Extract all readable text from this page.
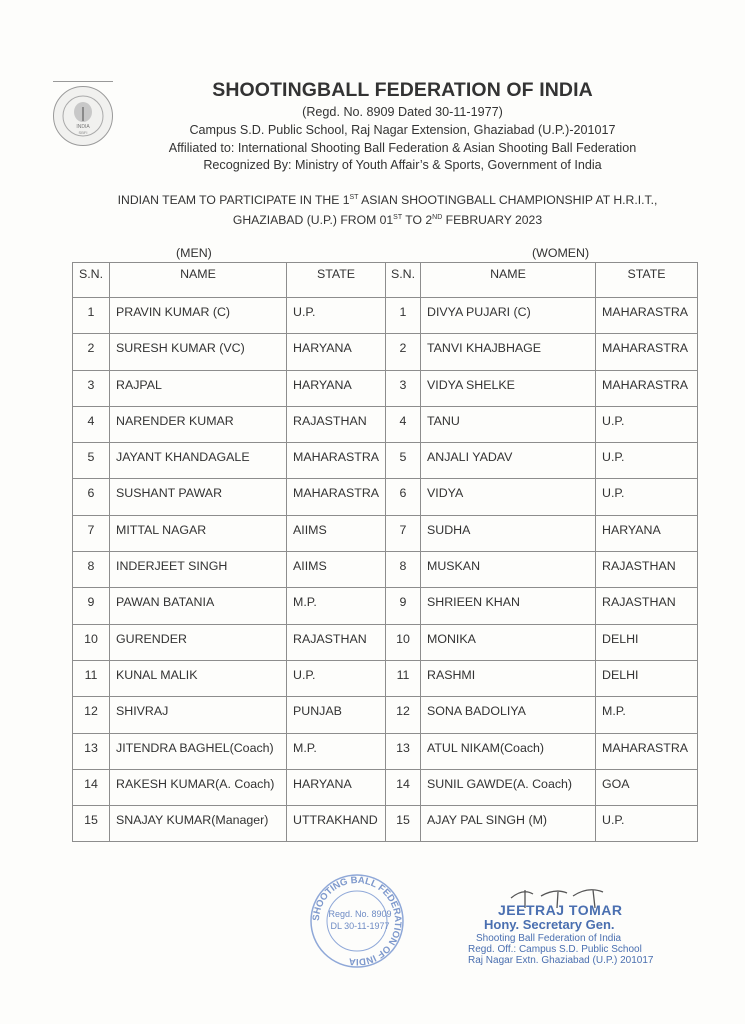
INDIA
SBFI
SHOOTINGBALL FEDERATION OF INDIA
(Regd. No. 8909 Dated 30-11-1977)
Campus S.D. Public School, Raj Nagar Extension, Ghaziabad (U.P.)-201017
Affiliated to: International Shooting Ball Federation & Asian Shooting Ball Federation
Recognized By: Ministry of Youth Affair’s & Sports, Government of India
INDIAN TEAM TO PARTICIPATE IN THE 1ST ASIAN SHOOTINGBALL CHAMPIONSHIP AT H.R.I.T.,
GHAZIABAD (U.P.) FROM 01ST TO 2ND FEBRUARY 2023
(MEN)	(WOMEN)
S.N.	NAME	STATE	S.N.	NAME	STATE
1	PRAVIN KUMAR (C)	U.P.	1	DIVYA PUJARI (C)	MAHARASTRA
2	SURESH KUMAR (VC)	HARYANA	2	TANVI KHAJBHAGE	MAHARASTRA
3	RAJPAL	HARYANA	3	VIDYA SHELKE	MAHARASTRA
4	NARENDER KUMAR	RAJASTHAN	4	TANU	U.P.
5	JAYANT KHANDAGALE	MAHARASTRA	5	ANJALI YADAV	U.P.
6	SUSHANT PAWAR	MAHARASTRA	6	VIDYA	U.P.
7	MITTAL NAGAR	AIIMS	7	SUDHA	HARYANA
8	INDERJEET SINGH	AIIMS	8	MUSKAN	RAJASTHAN
9	PAWAN BATANIA	M.P.	9	SHRIEEN KHAN	RAJASTHAN
10	GURENDER	RAJASTHAN	10	MONIKA	DELHI
11	KUNAL MALIK	U.P.	11	RASHMI	DELHI
12	SHIVRAJ	PUNJAB	12	SONA BADOLIYA	M.P.
13	JITENDRA BAGHEL(Coach)	M.P.	13	ATUL NIKAM(Coach)	MAHARASTRA
14	RAKESH KUMAR(A. Coach)	HARYANA	14	SUNIL GAWDE(A. Coach)	GOA
15	SNAJAY KUMAR(Manager)	UTTRAKHAND	15	AJAY PAL SINGH (M)	U.P.
SHOOTING BALL FEDERATION OF INDIA
Regd. No. 8909
DL 30-11-1977
JEETRAJ TOMAR
Hony. Secretary Gen.
Shooting Ball Federation of India
Regd. Off.: Campus S.D. Public School
Raj Nagar Extn. Ghaziabad (U.P.) 201017
